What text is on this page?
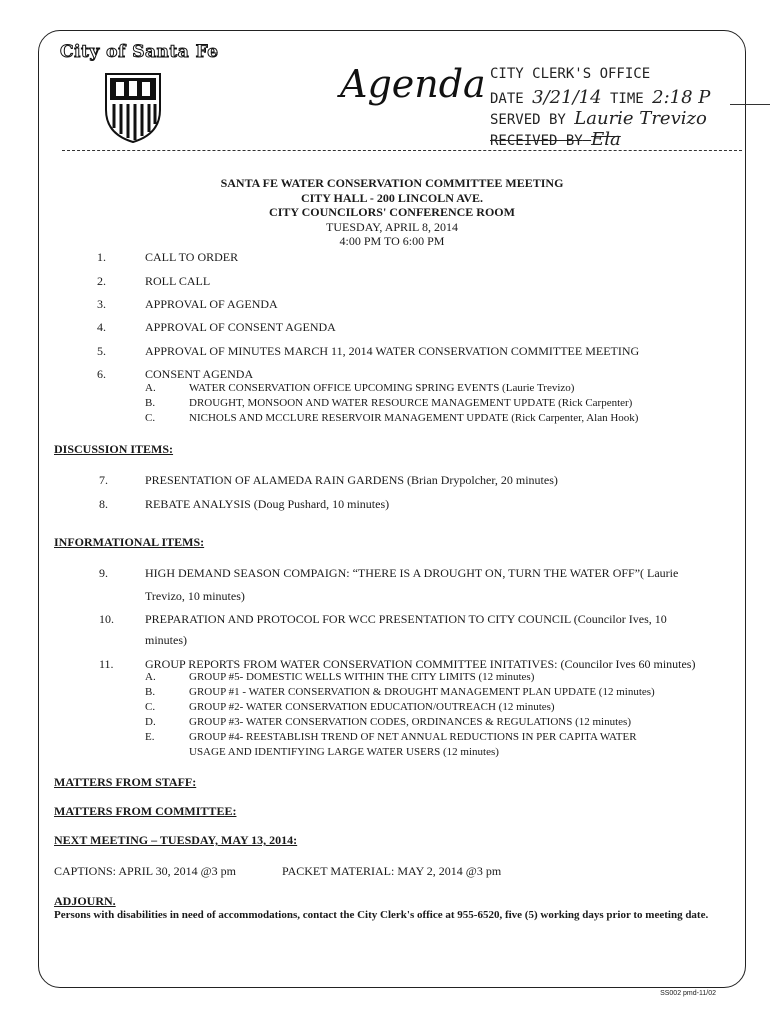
City of Santa Fe
Agenda CITY CLERK'S OFFICE
DATE 3/21/14 TIME 2:18 P
SERVED BY Laurie Trevizo
RECEIVED BY Ela
SANTA FE WATER CONSERVATION COMMITTEE MEETING
CITY HALL - 200 LINCOLN AVE.
CITY COUNCILORS' CONFERENCE ROOM
TUESDAY, APRIL 8, 2014
4:00 PM TO 6:00 PM
1.	CALL TO ORDER
2.	ROLL CALL
3.	APPROVAL OF AGENDA
4.	APPROVAL OF CONSENT AGENDA
5.	APPROVAL OF MINUTES MARCH 11, 2014 WATER CONSERVATION COMMITTEE MEETING
6.	CONSENT AGENDA
A.	WATER CONSERVATION OFFICE UPCOMING SPRING EVENTS (Laurie Trevizo)
B.	DROUGHT, MONSOON AND WATER RESOURCE MANAGEMENT UPDATE (Rick Carpenter)
C.	NICHOLS AND MCCLURE RESERVOIR MANAGEMENT UPDATE (Rick Carpenter, Alan Hook)
DISCUSSION ITEMS:
7.	PRESENTATION OF ALAMEDA RAIN GARDENS (Brian Drypolcher, 20 minutes)
8.	REBATE ANALYSIS (Doug Pushard, 10 minutes)
INFORMATIONAL ITEMS:
9.	HIGH DEMAND SEASON COMPAIGN: “THERE IS A DROUGHT ON, TURN THE WATER OFF”( Laurie
Trevizo, 10 minutes)
10.	PREPARATION AND PROTOCOL FOR WCC PRESENTATION TO CITY COUNCIL (Councilor Ives, 10
minutes)
11.	GROUP REPORTS FROM WATER CONSERVATION COMMITTEE INITATIVES: (Councilor Ives 60 minutes)
A.	GROUP #5- DOMESTIC WELLS WITHIN THE CITY LIMITS (12 minutes)
B.	GROUP #1 - WATER CONSERVATION & DROUGHT MANAGEMENT PLAN UPDATE (12 minutes)
C.	GROUP #2- WATER CONSERVATION EDUCATION/OUTREACH (12 minutes)
D.	GROUP #3- WATER CONSERVATION CODES, ORDINANCES & REGULATIONS (12 minutes)
E.	GROUP #4- REESTABLISH TREND OF NET ANNUAL REDUCTIONS IN PER CAPITA WATER
USAGE AND IDENTIFYING LARGE WATER USERS (12 minutes)
MATTERS FROM STAFF:
MATTERS FROM COMMITTEE:
NEXT MEETING – TUESDAY, MAY 13, 2014:
CAPTIONS: APRIL 30, 2014 @3 pm	PACKET MATERIAL: MAY 2, 2014 @3 pm
ADJOURN.
Persons with disabilities in need of accommodations, contact the City Clerk's office at 955-6520, five (5) working days prior to meeting date.
SS002 pmd-11/02
